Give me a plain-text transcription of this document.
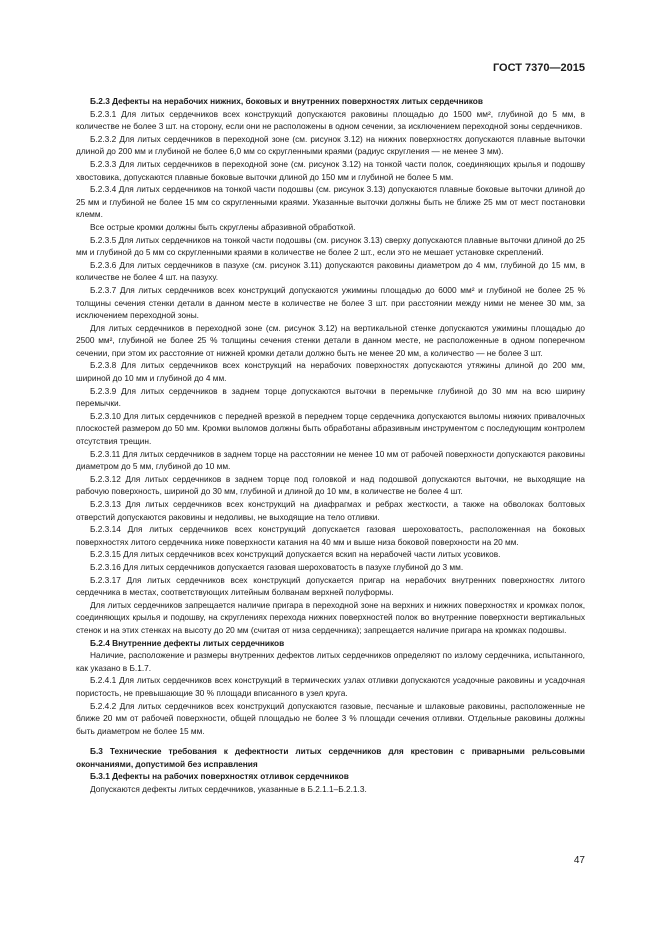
ГОСТ 7370—2015

Б.2.3 Дефекты на нерабочих нижних, боковых и внутренних поверхностях литых сердечников

Б.2.3.1 Для литых сердечников всех конструкций допускаются раковины площадью до 1500 мм², глубиной до 5 мм, в количестве не более 3 шт. на сторону, если они не расположены в одном сечении, за исключением переходной зоны сердечников.

Б.2.3.2 Для литых сердечников в переходной зоне (см. рисунок 3.12) на нижних поверхностях допускаются плавные выточки длиной до 200 мм и глубиной не более 6,0 мм со скругленными краями (радиус скругления — не менее 3 мм).

Б.2.3.3 Для литых сердечников в переходной зоне (см. рисунок 3.12) на тонкой части полок, соединяющих крылья и подошву хвостовика, допускаются плавные боковые выточки длиной до 150 мм и глубиной не более 5 мм.

Б.2.3.4 Для литых сердечников на тонкой части подошвы (см. рисунок 3.13) допускаются плавные боковые выточки длиной до 25 мм и глубиной не более 15 мм со скругленными краями. Указанные выточки должны быть не ближе 25 мм от мест постановки клемм.

Все острые кромки должны быть скруглены абразивной обработкой.

Б.2.3.5 Для литых сердечников на тонкой части подошвы (см. рисунок 3.13) сверху допускаются плавные выточки длиной до 25 мм и глубиной до 5 мм со скругленными краями в количестве не более 2 шт., если это не мешает установке скреплений.

Б.2.3.6 Для литых сердечников в пазухе (см. рисунок 3.11) допускаются раковины диаметром до 4 мм, глубиной до 15 мм, в количестве не более 4 шт. на пазуху.

Б.2.3.7 Для литых сердечников всех конструкций допускаются ужимины площадью до 6000 мм² и глубиной не более 25 % толщины сечения стенки детали в данном месте в количестве не более 3 шт. при расстоянии между ними не менее 30 мм, за исключением переходной зоны.

Для литых сердечников в переходной зоне (см. рисунок 3.12) на вертикальной стенке допускаются ужимины площадью до 2500 мм², глубиной не более 25 % толщины сечения стенки детали в данном месте, не расположенные в одном поперечном сечении, при этом их расстояние от нижней кромки детали должно быть не менее 20 мм, а количество — не более 3 шт.

Б.2.3.8 Для литых сердечников всех конструкций на нерабочих поверхностях допускаются утяжины длиной до 200 мм, шириной до 10 мм и глубиной до 4 мм.

Б.2.3.9 Для литых сердечников в заднем торце допускаются выточки в перемычке глубиной до 30 мм на всю ширину перемычки.

Б.2.3.10 Для литых сердечников с передней врезкой в переднем торце сердечника допускаются выломы нижних привалочных плоскостей размером до 50 мм. Кромки выломов должны быть обработаны абразивным инструментом с последующим контролем отсутствия трещин.

Б.2.3.11 Для литых сердечников в заднем торце на расстоянии не менее 10 мм от рабочей поверхности допускаются раковины диаметром до 5 мм, глубиной до 10 мм.

Б.2.3.12 Для литых сердечников в заднем торце под головкой и над подошвой допускаются выточки, не выходящие на рабочую поверхность, шириной до 30 мм, глубиной и длиной до 10 мм, в количестве не более 4 шт.

Б.2.3.13 Для литых сердечников всех конструкций на диафрагмах и ребрах жесткости, а также на обволоках болтовых отверстий допускаются раковины и недоливы, не выходящие на тело отливки.

Б.2.3.14 Для литых сердечников всех конструкций допускается газовая шероховатость, расположенная на боковых поверхностях литого сердечника ниже поверхности катания на 40 мм и выше низа боковой поверхности на 20 мм.

Б.2.3.15 Для литых сердечников всех конструкций допускается вскип на нерабочей части литых усовиков.

Б.2.3.16 Для литых сердечников допускается газовая шероховатость в пазухе глубиной до 3 мм.

Б.2.3.17 Для литых сердечников всех конструкций допускается пригар на нерабочих внутренних поверхностях литого сердечника в местах, соответствующих литейным болванам верхней полуформы.

Для литых сердечников запрещается наличие пригара в переходной зоне на верхних и нижних поверхностях и кромках полок, соединяющих крылья и подошву, на скруглениях перехода нижних поверхностей полок во внутренние поверхности вертикальных стенок и на этих стенках на высоту до 20 мм (считая от низа сердечника); запрещается наличие пригара на кромках подошвы.

Б.2.4 Внутренние дефекты литых сердечников

Наличие, расположение и размеры внутренних дефектов литых сердечников определяют по излому сердечника, испытанного, как указано в Б.1.7.

Б.2.4.1 Для литых сердечников всех конструкций в термических узлах отливки допускаются усадочные раковины и усадочная пористость, не превышающие 30 % площади вписанного в узел круга.

Б.2.4.2 Для литых сердечников всех конструкций допускаются газовые, песчаные и шлаковые раковины, расположенные не ближе 20 мм от рабочей поверхности, общей площадью не более 3 % площади сечения отливки. Отдельные раковины должны быть диаметром не более 15 мм.

Б.3 Технические требования к дефектности литых сердечников для крестовин с приварными рельсовыми окончаниями, допустимой без исправления

Б.3.1 Дефекты на рабочих поверхностях отливок сердечников

Допускаются дефекты литых сердечников, указанные в Б.2.1.1–Б.2.1.3.

47
